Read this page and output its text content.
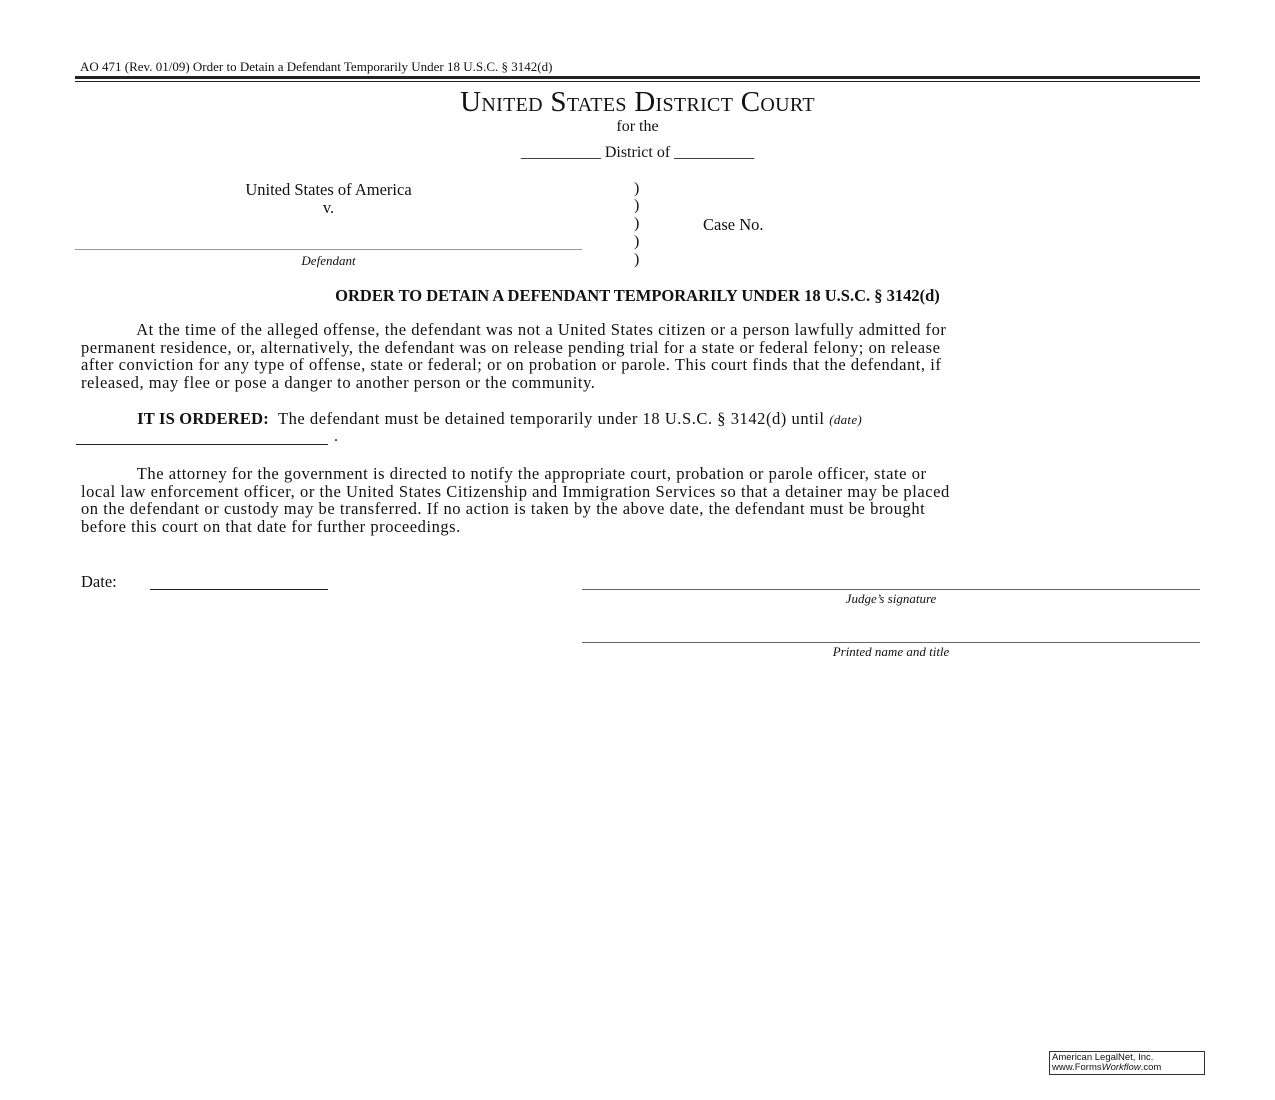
AO 471 (Rev. 01/09) Order to Detain a Defendant Temporarily Under 18 U.S.C. § 3142(d)
United States District Court
for the
__________ District of __________
United States of America
v.
Defendant
)
)
)
)
)
Case No.
ORDER TO DETAIN A DEFENDANT TEMPORARILY UNDER 18 U.S.C. § 3142(d)
At the time of the alleged offense, the defendant was not a United States citizen or a person lawfully admitted for
permanent residence, or, alternatively, the defendant was on release pending trial for a state or federal felony; on release
after conviction for any type of offense, state or federal; or on probation or parole. This court finds that the defendant, if
released, may flee or pose a danger to another person or the community.
IT IS ORDERED:  The defendant must be detained temporarily under 18 U.S.C. § 3142(d) until (date)
.
The attorney for the government is directed to notify the appropriate court, probation or parole officer, state or
local law enforcement officer, or the United States Citizenship and Immigration Services so that a detainer may be placed
on the defendant or custody may be transferred. If no action is taken by the above date, the defendant must be brought
before this court on that date for further proceedings.
Date:
Judge’s signature
Printed name and title
American LegalNet, Inc.
www.FormsWorkflow.com
